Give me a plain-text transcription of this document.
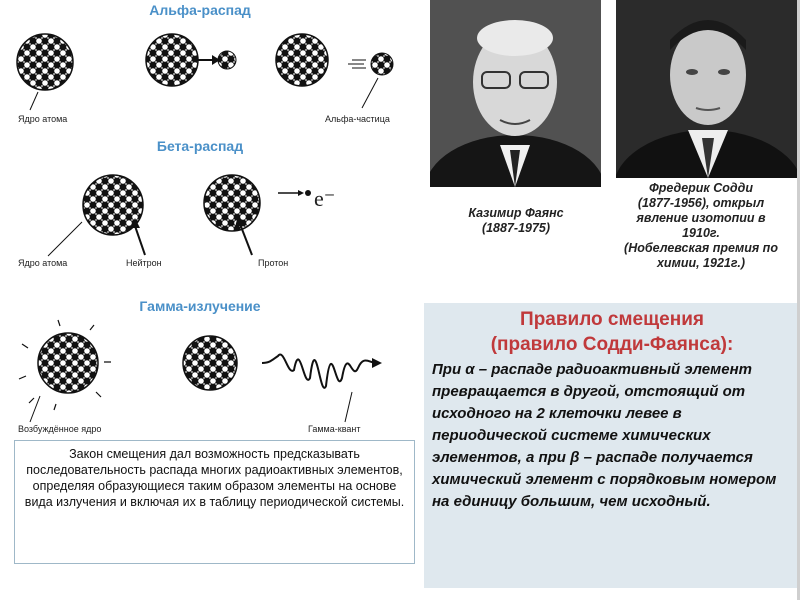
Альфа-распад
Ядро атома	Альфа-частица
Бета-распад
e⁻
Ядро атома	Нейтрон	Протон
Гамма-излучение
Возбуждённое ядро	Гамма-квант
Казимир Фаянс
(1887-1975)
Фредерик Содди
(1877-1956), открыл
явление изотопии в
1910г.
(Нобелевская премия по
химии, 1921г.)
Закон смещения дал возможность предсказывать последовательность распада многих радиоактивных элементов, определяя образующиеся таким образом элементы на основе вида излучения и включая их в таблицу периодической системы.
Правило смещения
(правило Содди-Фаянса):
При α – распаде радиоактивный элемент превращается в другой, отстоящий от исходного на 2 клеточки левее в периодической системе химических элементов, а при β – распаде получается химический элемент с порядковым номером на единицу большим, чем исходный.
